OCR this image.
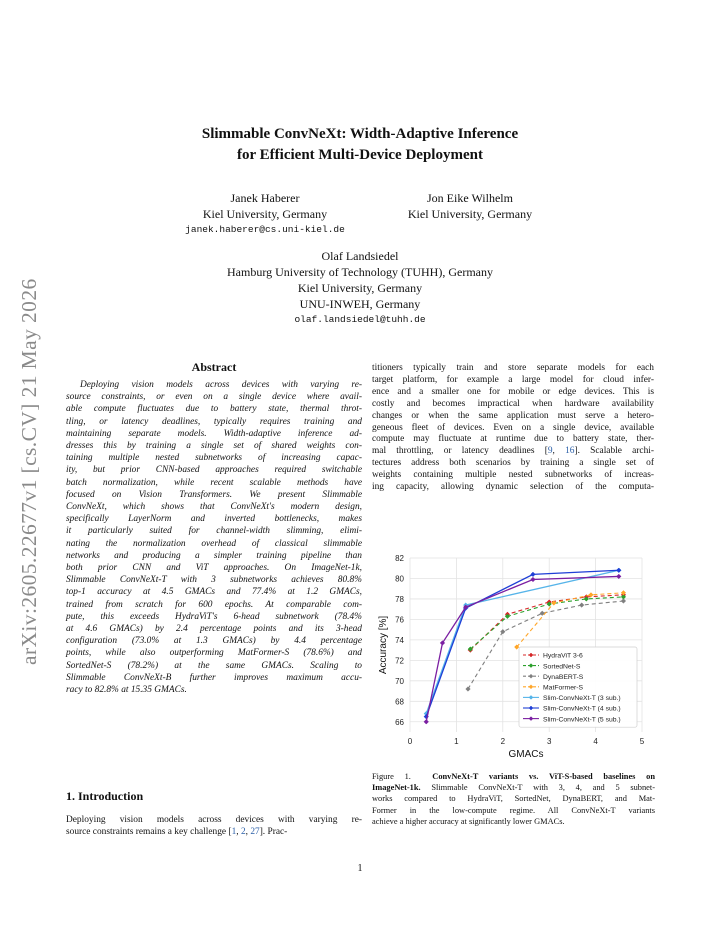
arXiv:2605.22677v1 [cs.CV] 21 May 2026
Slimmable ConvNeXt: Width-Adaptive Inference
for Efficient Multi-Device Deployment
Janek Haberer
Kiel University, Germany
janek.haberer@cs.uni-kiel.de
Jon Eike Wilhelm
Kiel University, Germany
Olaf Landsiedel
Hamburg University of Technology (TUHH), Germany
Kiel University, Germany
UNU-INWEH, Germany
olaf.landsiedel@tuhh.de
Abstract
Deploying vision models across devices with varying re-
source constraints, or even on a single device where avail-
able compute fluctuates due to battery state, thermal throt-
tling, or latency deadlines, typically requires training and
maintaining separate models. Width-adaptive inference ad-
dresses this by training a single set of shared weights con-
taining multiple nested subnetworks of increasing capac-
ity, but prior CNN-based approaches required switchable
batch normalization, while recent scalable methods have
focused on Vision Transformers. We present Slimmable
ConvNeXt, which shows that ConvNeXt's modern design,
specifically LayerNorm and inverted bottlenecks, makes
it particularly suited for channel-width slimming, elimi-
nating the normalization overhead of classical slimmable
networks and producing a simpler training pipeline than
both prior CNN and ViT approaches. On ImageNet-1k,
Slimmable ConvNeXt-T with 3 subnetworks achieves 80.8%
top-1 accuracy at 4.5 GMACs and 77.4% at 1.2 GMACs,
trained from scratch for 600 epochs. At comparable com-
pute, this exceeds HydraViT's 6-head subnetwork (78.4%
at 4.6 GMACs) by 2.4 percentage points and its 3-head
configuration (73.0% at 1.3 GMACs) by 4.4 percentage
points, while also outperforming MatFormer-S (78.6%) and
SortedNet-S (78.2%) at the same GMACs. Scaling to
Slimmable ConvNeXt-B further improves maximum accu-
racy to 82.8% at 15.35 GMACs.
1. Introduction
Deploying vision models across devices with varying re-
source constraints remains a key challenge [1, 2, 27]. Prac-
titioners typically train and store separate models for each
target platform, for example a large model for cloud infer-
ence and a smaller one for mobile or edge devices. This is
costly and becomes impractical when hardware availability
changes or when the same application must serve a hetero-
geneous fleet of devices. Even on a single device, available
compute may fluctuate at runtime due to battery state, ther-
mal throttling, or latency deadlines [9, 16]. Scalable archi-
tectures address both scenarios by training a single set of
weights containing multiple nested subnetworks of increas-
ing capacity, allowing dynamic selection of the computa-
66
68
70
72
74
76
78
80
82
0	1	2	3	4	5
GMACs
Accuracy [%]	HydraViT 3-6
SortedNet-S
DynaBERT-S
MatFormer-S
Slim-ConvNeXt-T (3 sub.)
Slim-ConvNeXt-T (4 sub.)
Slim-ConvNeXt-T (5 sub.)
Figure 1.	ConvNeXt-T variants vs. ViT-S-based baselines on
ImageNet-1k. Slimmable ConvNeXt-T with 3, 4, and 5 subnet-
works compared to HydraViT, SortedNet, DynaBERT, and Mat-
Former in the low-compute regime. All ConvNeXt-T variants
achieve a higher accuracy at significantly lower GMACs.
1
